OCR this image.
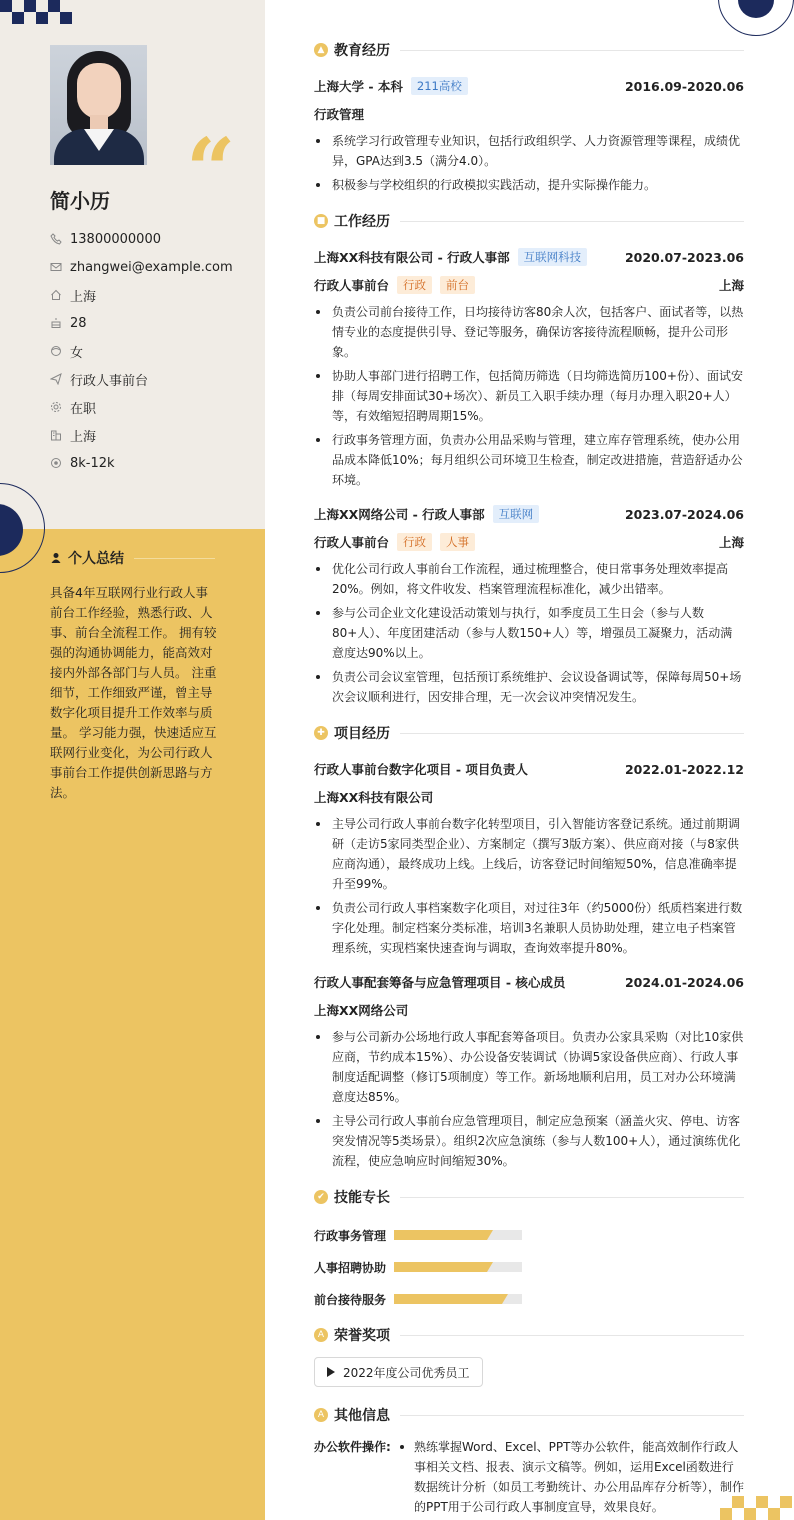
“
简小历
13800000000
zhangwei@example.com
上海
28
女
行政人事前台
在职
上海
8k-12k
个人总结
具备4年互联网行业行政人事前台工作经验，熟悉行政、人事、前台全流程工作。 拥有较强的沟通协调能力，能高效对接内外部各部门与人员。 注重细节，工作细致严谨，曾主导数字化项目提升工作效率与质量。 学习能力强，快速适应互联网行业变化，为公司行政人事前台工作提供创新思路与方法。
▲ 教育经历
上海大学 - 本科	211高校	2016.09-2020.06
行政管理
系统学习行政管理专业知识，包括行政组织学、人力资源管理等课程，成绩优异，GPA达到3.5（满分4.0）。
积极参与学校组织的行政模拟实践活动，提升实际操作能力。
■ 工作经历
上海XX科技有限公司 - 行政人事部	互联网科技	2020.07-2023.06
行政人事前台	行政	前台	上海
负责公司前台接待工作，日均接待访客80余人次，包括客户、面试者等，以热情专业的态度提供引导、登记等服务，确保访客接待流程顺畅，提升公司形象。
协助人事部门进行招聘工作，包括简历筛选（日均筛选简历100+份）、面试安排（每周安排面试30+场次）、新员工入职手续办理（每月办理入职20+人）等，有效缩短招聘周期15%。
行政事务管理方面，负责办公用品采购与管理，建立库存管理系统，使办公用品成本降低10%；每月组织公司环境卫生检查，制定改进措施，营造舒适办公环境。
上海XX网络公司 - 行政人事部	互联网	2023.07-2024.06
行政人事前台	行政	人事	上海
优化公司行政人事前台工作流程，通过梳理整合，使日常事务处理效率提高20%。例如，将文件收发、档案管理流程标准化，减少出错率。
参与公司企业文化建设活动策划与执行，如季度员工生日会（参与人数80+人）、年度团建活动（参与人数150+人）等，增强员工凝聚力，活动满意度达90%以上。
负责公司会议室管理，包括预订系统维护、会议设备调试等，保障每周50+场次会议顺利进行，因安排合理，无一次会议冲突情况发生。
✚ 项目经历
行政人事前台数字化项目 - 项目负责人	2022.01-2022.12
上海XX科技有限公司
主导公司行政人事前台数字化转型项目，引入智能访客登记系统。通过前期调研（走访5家同类型企业）、方案制定（撰写3版方案）、供应商对接（与8家供应商沟通），最终成功上线。上线后，访客登记时间缩短50%，信息准确率提升至99%。
负责公司行政人事档案数字化项目，对过往3年（约5000份）纸质档案进行数字化处理。制定档案分类标准，培训3名兼职人员协助处理，建立电子档案管理系统，实现档案快速查询与调取，查询效率提升80%。
行政人事配套筹备与应急管理项目 - 核心成员	2024.01-2024.06
上海XX网络公司
参与公司新办公场地行政人事配套筹备项目。负责办公家具采购（对比10家供应商，节约成本15%）、办公设备安装调试（协调5家设备供应商）、行政人事制度适配调整（修订5项制度）等工作。新场地顺利启用，员工对办公环境满意度达85%。
主导公司行政人事前台应急管理项目，制定应急预案（涵盖火灾、停电、访客突发情况等5类场景）。组织2次应急演练（参与人数100+人），通过演练优化流程，使应急响应时间缩短30%。
✔ 技能专长
行政事务管理
人事招聘协助
前台接待服务
A 荣誉奖项
2022年度公司优秀员工
A 其他信息
办公软件操作:	熟练掌握Word、Excel、PPT等办公软件，能高效制作行政人事相关文档、报表、演示文稿等。例如，运用Excel函数进行数据统计分析（如员工考勤统计、办公用品库存分析等），制作的PPT用于公司行政人事制度宣导，效果良好。
